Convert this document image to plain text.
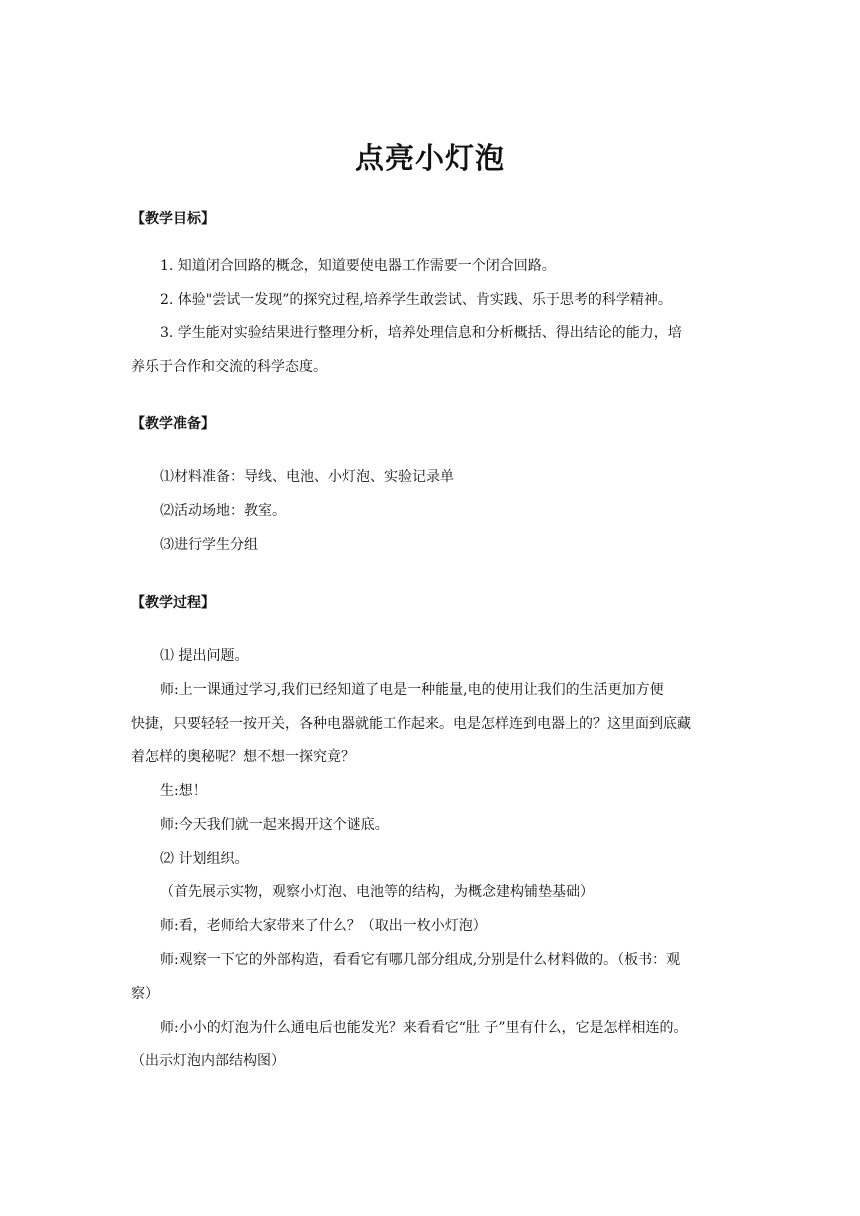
点亮小灯泡
【教学目标】
1. 知道闭合回路的概念，知道要使电器工作需要一个闭合回路。
2. 体验"尝试一发现”的探究过程,培养学生敢尝试、肯实践、乐于思考的科学精神。
3. 学生能对实验结果进行整理分析，培养处理信息和分析概括、得出结论的能力，培
养乐于合作和交流的科学态度。
【教学准备】
⑴材料准备：导线、电池、小灯泡、实验记录单
⑵活动场地：教室。
⑶进行学生分组
【教学过程】
⑴ 提出问题。
师:上一课通过学习,我们已经知道了电是一种能量,电的使用让我们的生活更加方便
快捷，只要轻轻一按开关，各种电器就能工作起来。电是怎样连到电器上的？这里面到底藏
着怎样的奥秘呢？想不想一探究竟？
生:想！
师:今天我们就一起来揭开这个谜底。
⑵ 计划组织。
（首先展示实物，观察小灯泡、电池等的结构，为概念建构铺垫基础）
师:看，老师给大家带来了什么？（取出一枚小灯泡）
师:观察一下它的外部构造，看看它有哪几部分组成,分别是什么材料做的。（板书：观
察）
师:小小的灯泡为什么通电后也能发光？来看看它“肚 子”里有什么，它是怎样相连的。
（出示灯泡内部结构图）
